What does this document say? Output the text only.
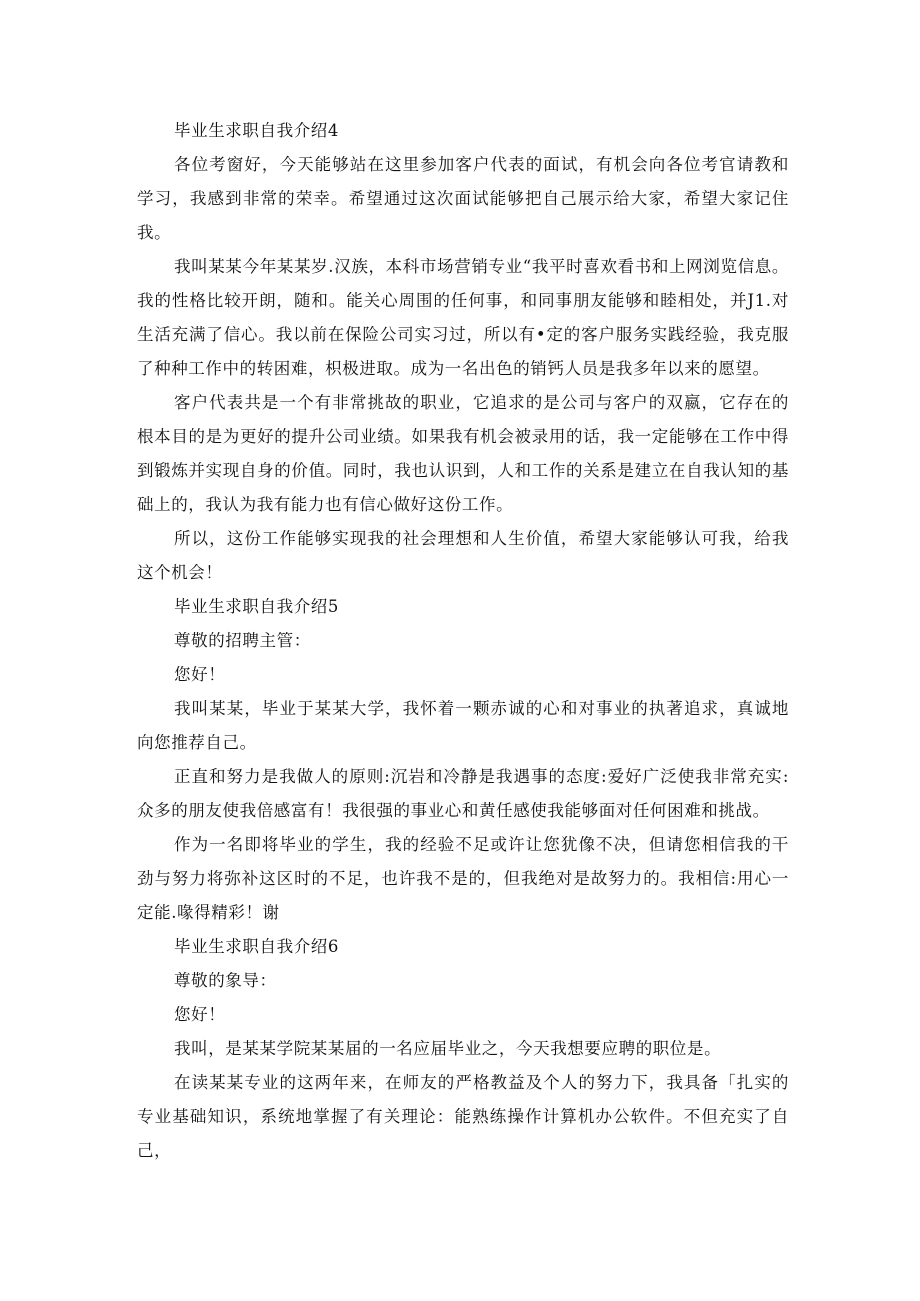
毕业生求职自我介绍4

各位考窗好，今天能够站在这里参加客户代表的面试，有机会向各位考官请教和学习，我感到非常的荣幸。希望通过这次面试能够把自己展示给大家，希望大家记住我。

我叫某某今年某某岁.汉族，本科市场营销专业“我平时喜欢看书和上网浏览信息。我的性格比较开朗，随和。能关心周围的任何事，和同事朋友能够和睦相处，并J1.对生活充满了信心。我以前在保险公司实习过，所以有•定的客户服务实践经验，我克服了种种工作中的转困难，枳极进取。成为一名出色的销钙人员是我多年以来的愿望。

客户代表共是一个有非常挑故的职业，它追求的是公司与客户的双嬴，它存在的根本目的是为更好的提升公司业绩。如果我有机会被录用的话，我一定能够在工作中得到锻炼并实现自身的价值。同时，我也认识到，人和工作的关系是建立在自我认知的基础上的，我认为我有能力也有信心做好这份工作。

所以，这份工作能够实现我的社会理想和人生价值，希望大家能够认可我，给我这个机会！

毕业生求职自我介绍5

尊敬的招聘主管：

您好！

我叫某某，毕业于某某大学，我怀着一颗赤诚的心和对事业的执著追求，真诚地向您推荐自己。

正直和努力是我做人的原则:沉岩和冷静是我遇事的态度:爱好广泛使我非常充实:众多的朋友使我倍感富有！我很强的事业心和黄任感使我能够面对任何困难和挑战。

作为一名即将毕业的学生，我的经验不足或许让您犹像不决，但请您相信我的干劲与努力将弥补这区时的不足，也许我不是的，但我绝对是故努力的。我相信:用心一定能.喙得精彩！谢

毕业生求职自我介绍6

尊敬的象导：

您好！

我叫，是某某学院某某届的一名应届毕业之，今天我想要应聘的职位是。

在读某某专业的这两年来，在师友的严格教益及个人的努力下，我具备「扎实的专业基础知识，系统地掌握了有关理论：能熟练操作计算机办公软件。不但充实了自己，
